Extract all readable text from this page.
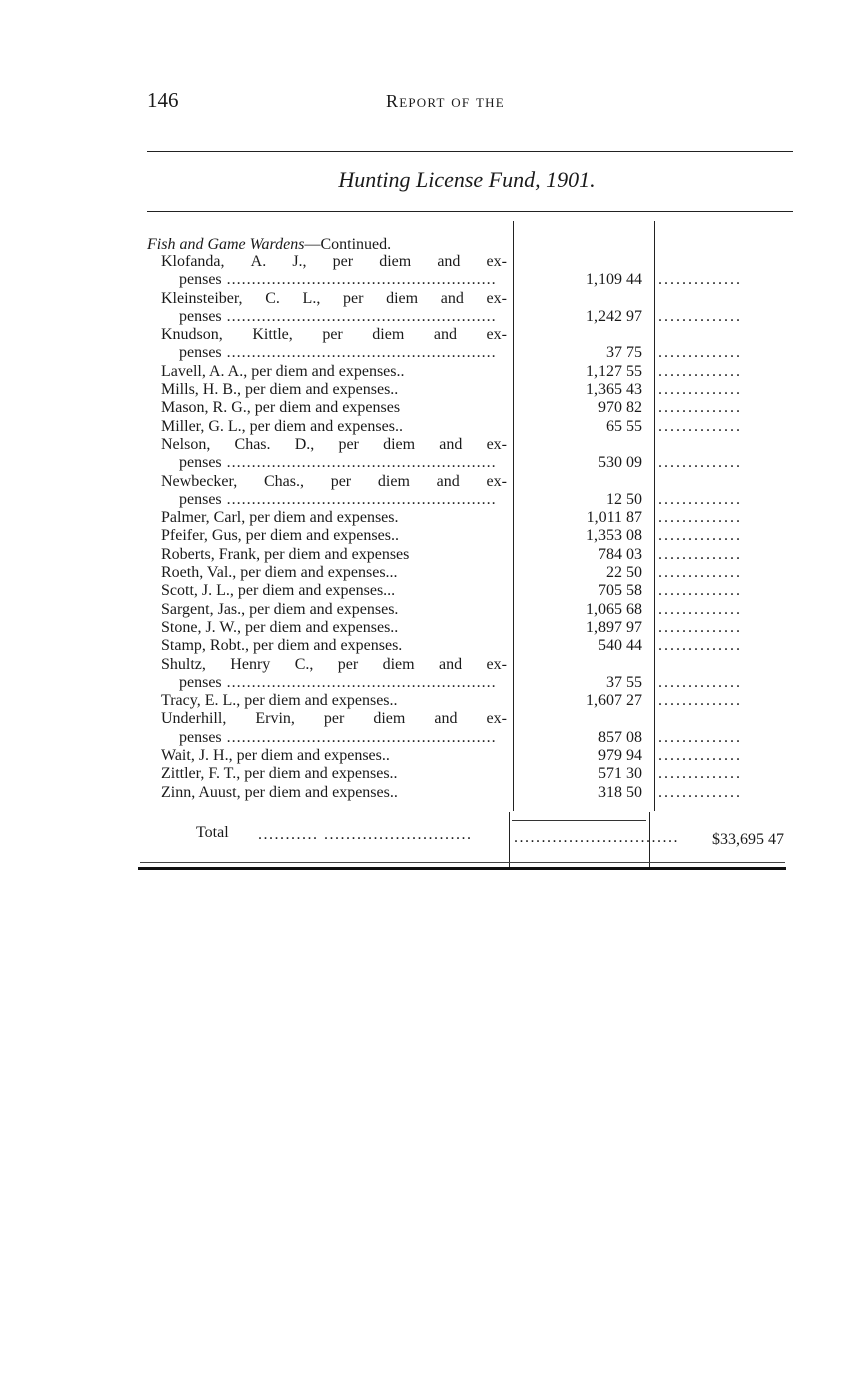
146	Report of the
Hunting License Fund, 1901.
Fish and Game Wardens—Continued.
Klofanda, A. J., per diem and ex-
penses ......................................................	1,109 44 ..............
Kleinsteiber, C. L., per diem and ex-
penses ......................................................	1,242 97 ..............
Knudson, Kittle, per diem and ex-
penses ......................................................	37 75 ..............
Lavell, A. A., per diem and expenses..	1,127 55 ..............
Mills, H. B., per diem and expenses..	1,365 43 ..............
Mason, R. G., per diem and expenses	970 82 ..............
Miller, G. L., per diem and expenses..	65 55 ..............
Nelson, Chas. D., per diem and ex-
penses ......................................................	530 09 ..............
Newbecker, Chas., per diem and ex-
penses ......................................................	12 50 ..............
Palmer, Carl, per diem and expenses.	1,011 87 ..............
Pfeifer, Gus, per diem and expenses..	1,353 08 ..............
Roberts, Frank, per diem and expenses	784 03 ..............
Roeth, Val., per diem and expenses...	22 50 ..............
Scott, J. L., per diem and expenses...	705 58 ..............
Sargent, Jas., per diem and expenses.	1,065 68 ..............
Stone, J. W., per diem and expenses..	1,897 97 ..............
Stamp, Robt., per diem and expenses.	540 44 ..............
Shultz, Henry C., per diem and ex-
penses ......................................................	37 55 ..............
Tracy, E. L., per diem and expenses..	1,607 27 ..............
Underhill, Ervin, per diem and ex-
penses ......................................................	857 08 ..............
Wait, J. H., per diem and expenses..	979 94 ..............
Zittler, F. T., per diem and expenses..	571 30 ..............
Zinn, Auust, per diem and expenses..	318 50 ..............
Total ........... ...........................	..............................	$33,695 47
